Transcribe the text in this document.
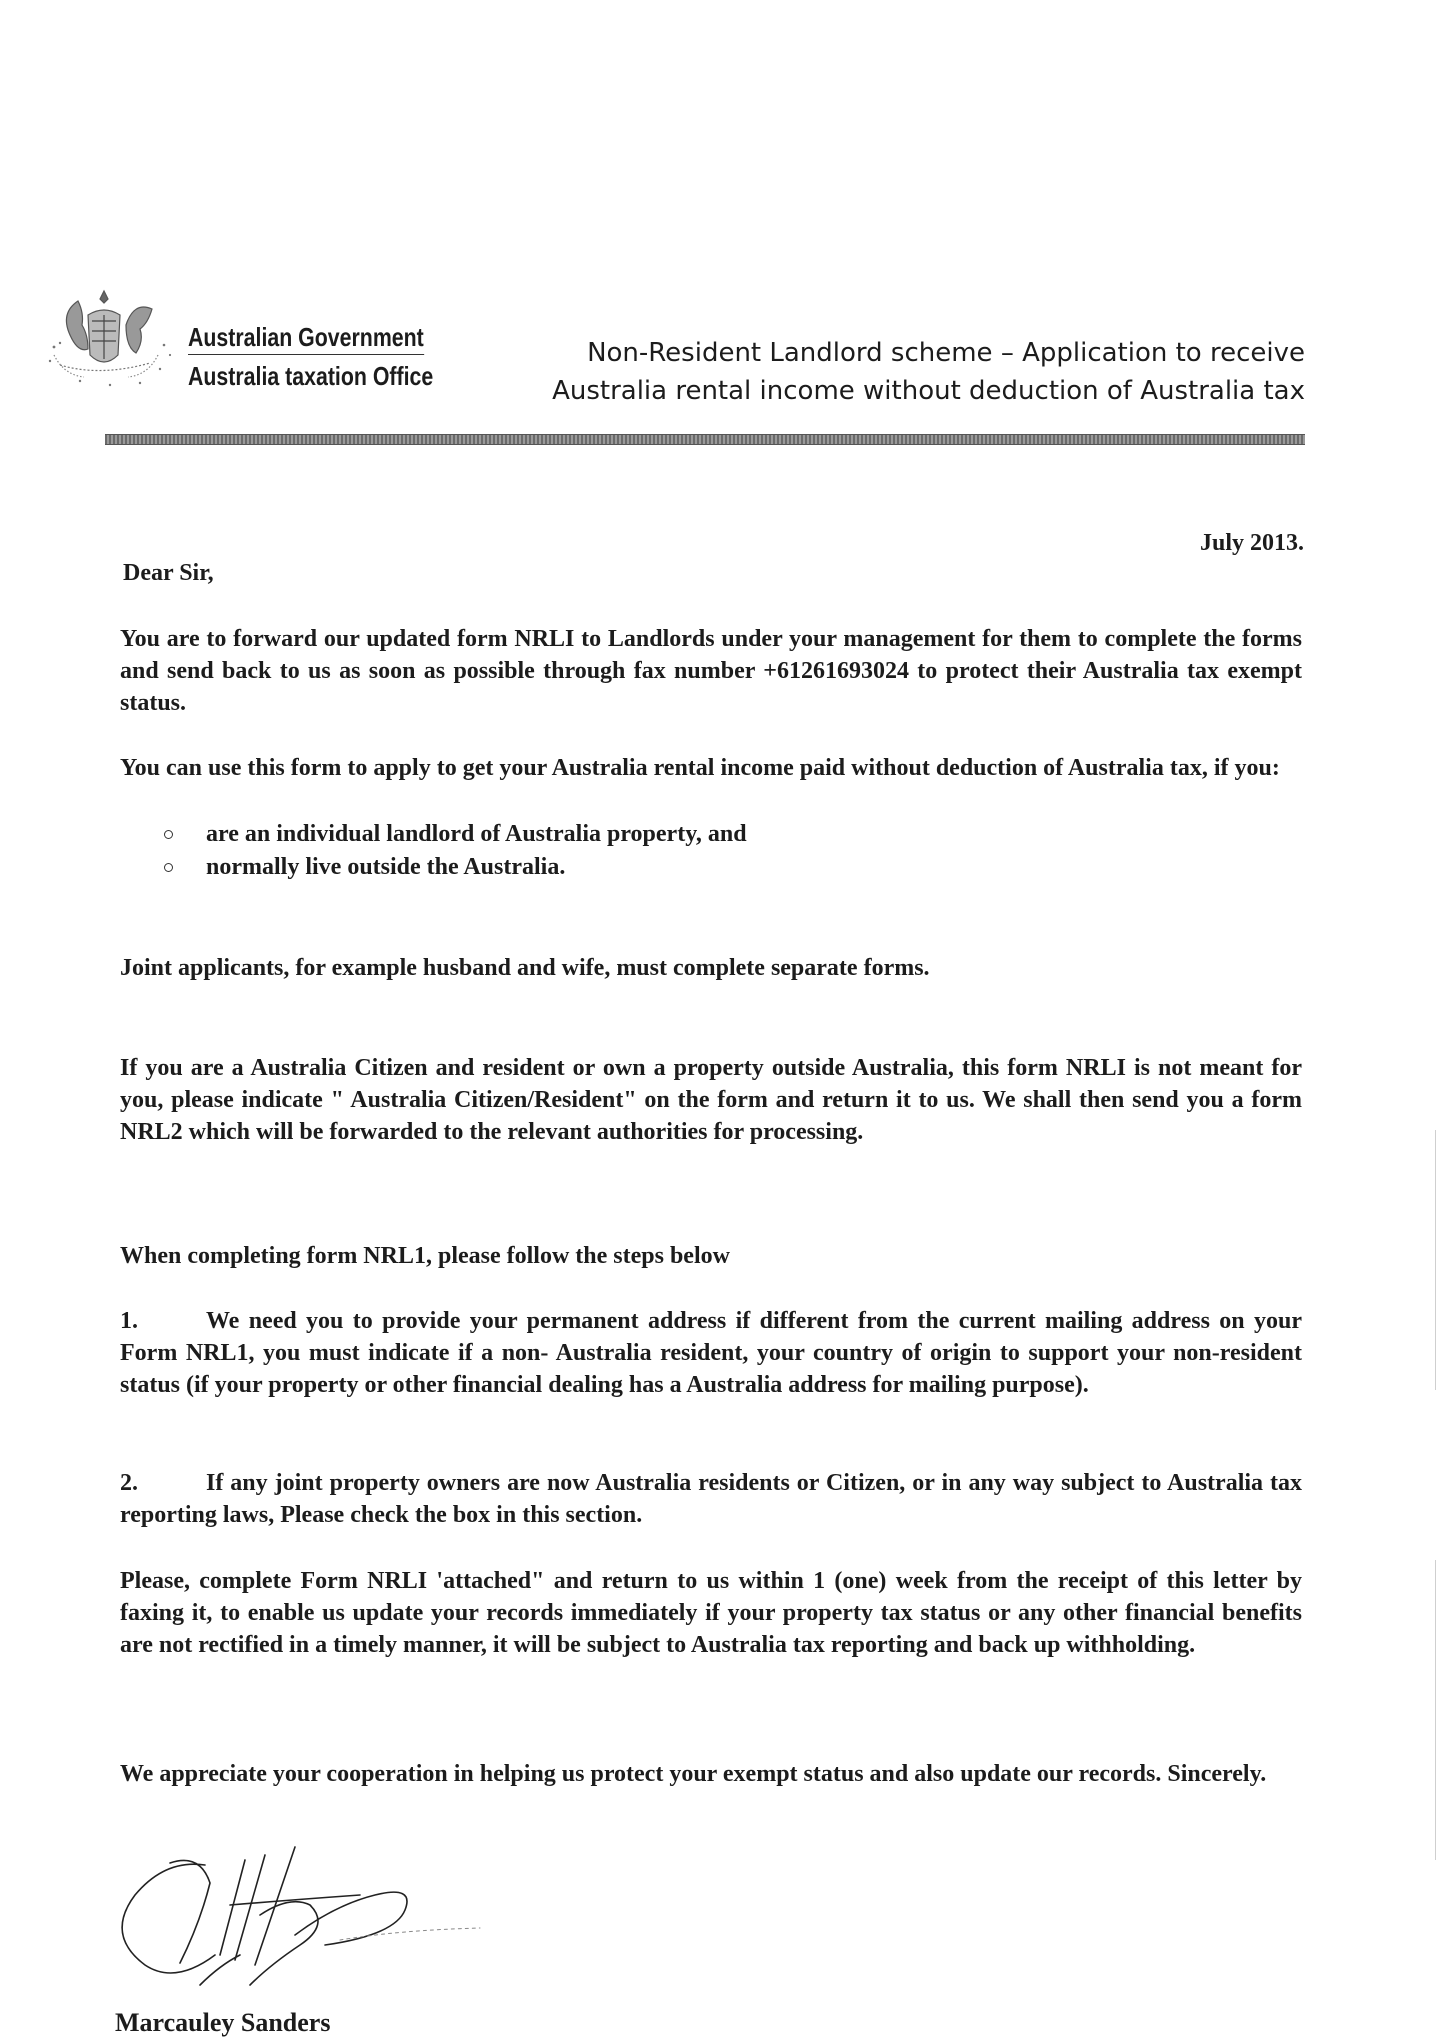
Australian Government
Australia taxation Office
Non-Resident Landlord scheme – Application to receive
Australia rental income without deduction of Australia tax
July 2013.
Dear Sir,

You are to forward our updated form NRLI to Landlords under your management for them to complete the forms and send back to us as soon as possible through fax number +61261693024 to protect their Australia tax exempt status.

You can use this form to apply to get your Australia rental income paid without deduction of Australia tax, if you:

are an individual landlord of Australia property, and
normally live outside the Australia.

Joint applicants, for example husband and wife, must complete separate forms.

If you are a Australia Citizen and resident or own a property outside Australia, this form NRLI is not meant for you, please indicate " Australia Citizen/Resident" on the form and return it to us. We shall then send you a form NRL2 which will be forwarded to the relevant authorities for processing.

When completing form NRL1, please follow the steps below

1.	We need you to provide your permanent address if different from the current mailing address on your Form NRL1, you must indicate if a non- Australia resident, your country of origin to support your non-resident status (if your property or other financial dealing has a Australia address for mailing purpose).

2.	If any joint property owners are now Australia residents or Citizen, or in any way subject to Australia tax reporting laws, Please check the box in this section.

Please, complete Form NRLI 'attached" and return to us within 1 (one) week from the receipt of this letter by faxing it, to enable us update your records immediately if your property tax status or any other financial benefits are not rectified in a timely manner, it will be subject to Australia tax reporting and back up withholding.

We appreciate your cooperation in helping us protect your exempt status and also update our records. Sincerely.

Marcauley Sanders
